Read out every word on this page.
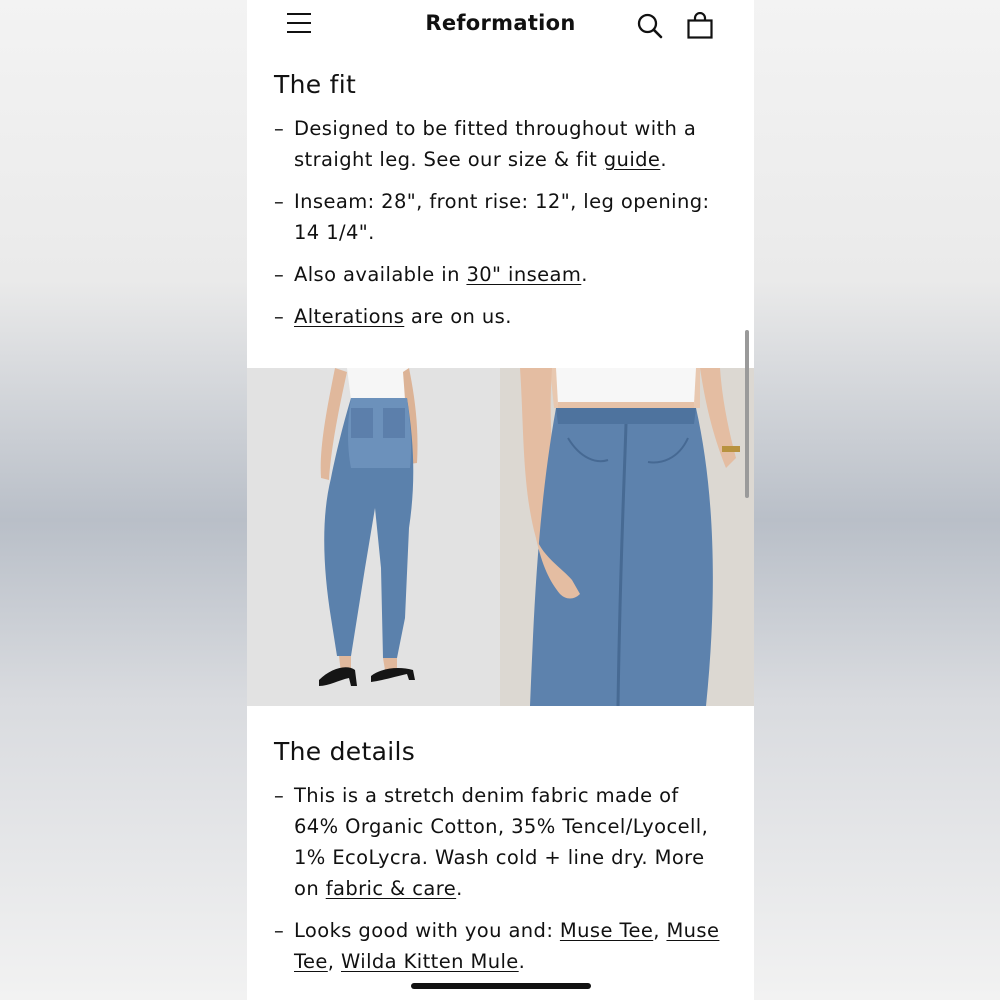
Reformation
The fit
– Designed to be fitted throughout with a straight leg. See our size & fit guide.
– Inseam: 28", front rise: 12", leg opening: 14 1/4".
– Also available in 30" inseam.
– Alterations are on us.
The details
– This is a stretch denim fabric made of 64% Organic Cotton, 35% Tencel/Lyocell, 1% EcoLycra. Wash cold + line dry. More on fabric & care.
– Looks good with you and: Muse Tee, Muse Tee, Wilda Kitten Mule.
